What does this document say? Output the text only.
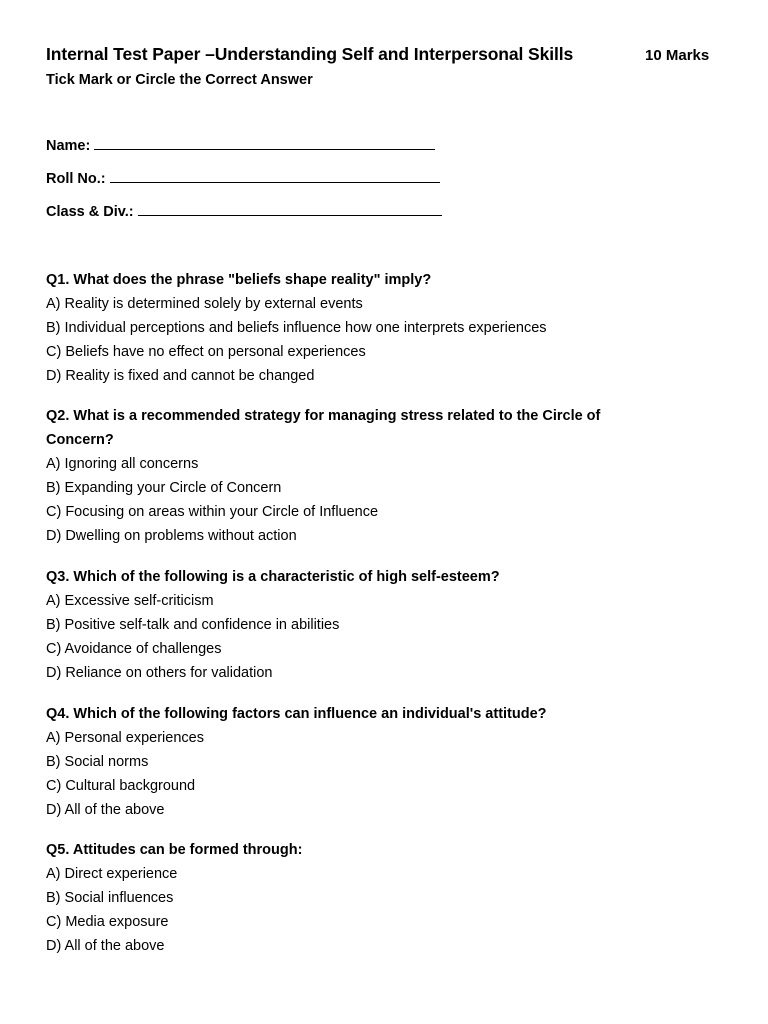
Internal Test Paper –Understanding Self and Interpersonal Skills	10 Marks
Tick Mark or Circle the Correct Answer
Name:
Roll No.:
Class & Div.:
Q1. What does the phrase "beliefs shape reality" imply?
A) Reality is determined solely by external events
B) Individual perceptions and beliefs influence how one interprets experiences
C) Beliefs have no effect on personal experiences
D) Reality is fixed and cannot be changed
Q2. What is a recommended strategy for managing stress related to the Circle of Concern?
A) Ignoring all concerns
B) Expanding your Circle of Concern
C) Focusing on areas within your Circle of Influence
D) Dwelling on problems without action
Q3. Which of the following is a characteristic of high self-esteem?
A) Excessive self-criticism
B) Positive self-talk and confidence in abilities
C) Avoidance of challenges
D) Reliance on others for validation
Q4. Which of the following factors can influence an individual's attitude?
A) Personal experiences
B) Social norms
C) Cultural background
D) All of the above
Q5. Attitudes can be formed through:
A) Direct experience
B) Social influences
C) Media exposure
D) All of the above
